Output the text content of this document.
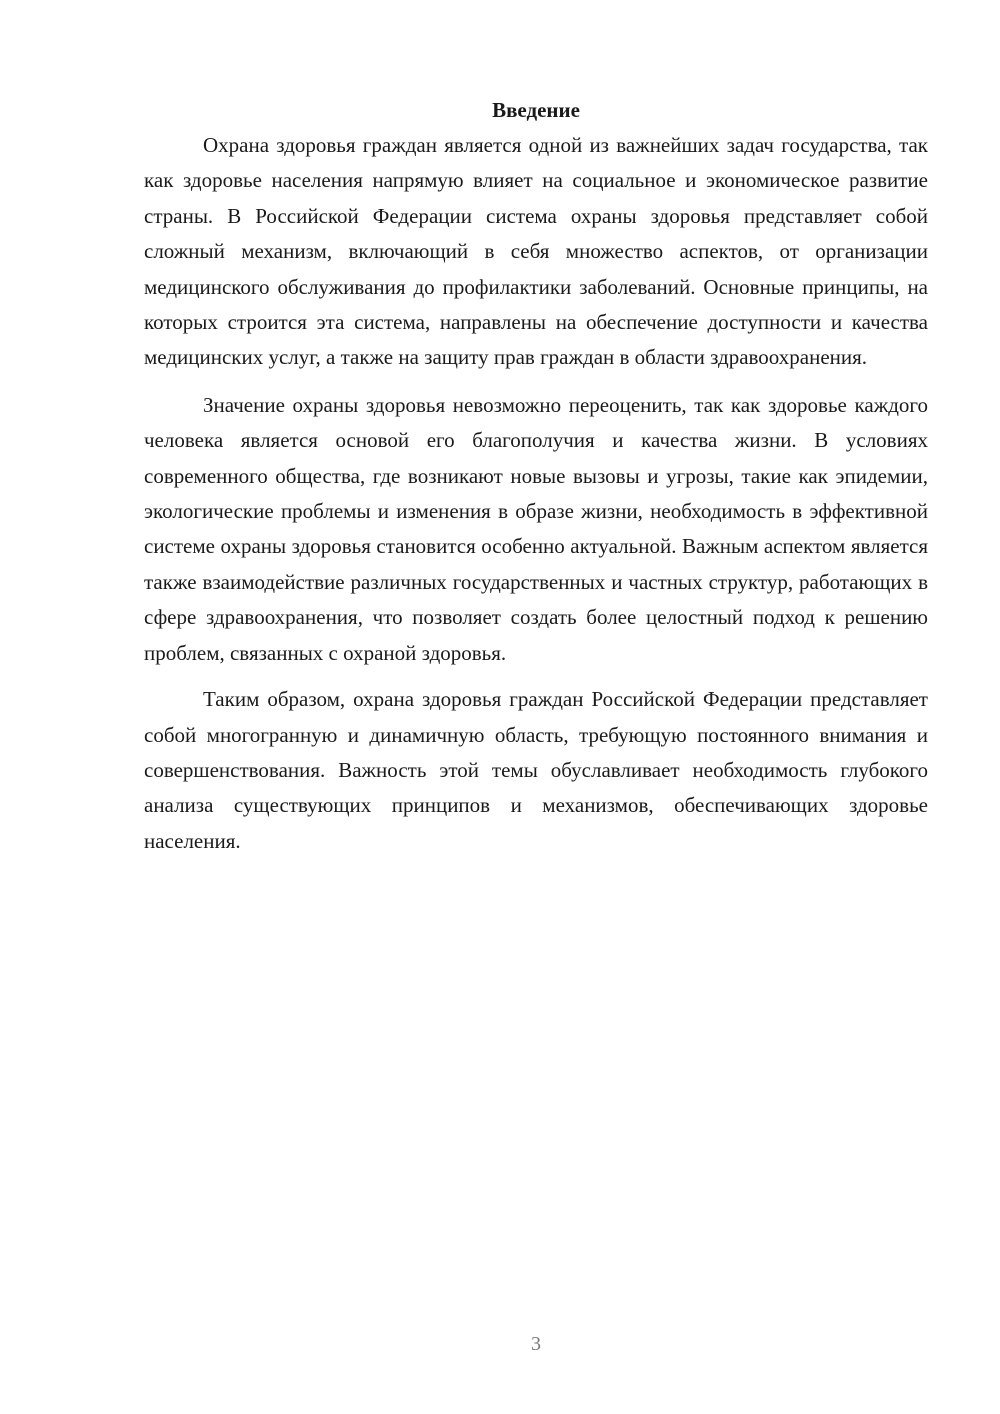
Введение

Охрана здоровья граждан является одной из важнейших задач государства, так как здоровье населения напрямую влияет на социальное и экономическое развитие страны. В Российской Федерации система охраны здоровья представляет собой сложный механизм, включающий в себя множество аспектов, от организации медицинского обслуживания до профилактики заболеваний. Основные принципы, на которых строится эта система, направлены на обеспечение доступности и качества медицинских услуг, а также на защиту прав граждан в области здравоохранения.

Значение охраны здоровья невозможно переоценить, так как здоровье каждого человека является основой его благополучия и качества жизни. В условиях современного общества, где возникают новые вызовы и угрозы, такие как эпидемии, экологические проблемы и изменения в образе жизни, необходимость в эффективной системе охраны здоровья становится особенно актуальной. Важным аспектом является также взаимодействие различных государственных и частных структур, работающих в сфере здравоохранения, что позволяет создать более целостный подход к решению проблем, связанных с охраной здоровья.

Таким образом, охрана здоровья граждан Российской Федерации представляет собой многогранную и динамичную область, требующую постоянного внимания и совершенствования. Важность этой темы обуславливает необходимость глубокого анализа существующих принципов и механизмов, обеспечивающих здоровье населения.

3
